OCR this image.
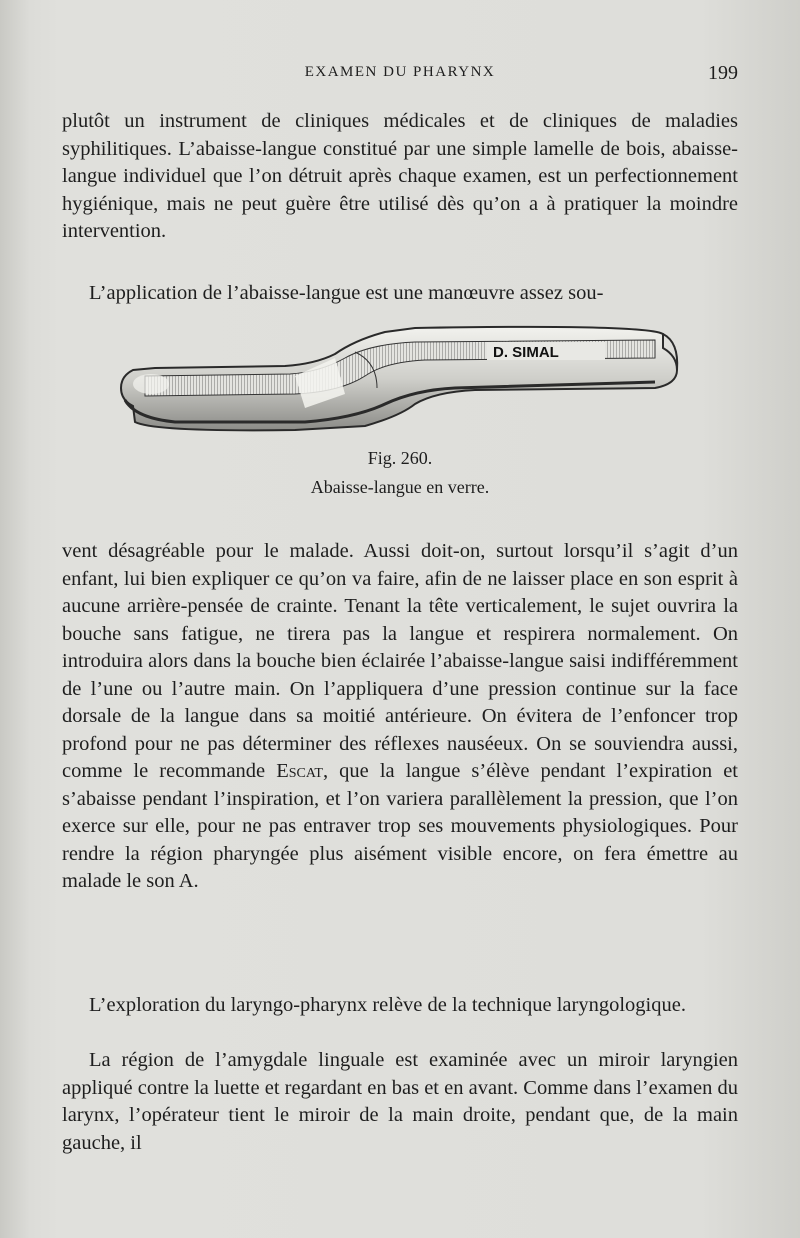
EXAMEN DU PHARYNX	199

plutôt un instrument de cliniques médicales et de cliniques de maladies syphilitiques. L’abaisse-langue constitué par une simple lamelle de bois, abaisse-langue individuel que l’on détruit après chaque examen, est un perfectionnement hygiénique, mais ne peut guère être utilisé dès qu’on a à pratiquer la moindre intervention.

L’application de l’abaisse-langue est une manœuvre assez sou-

D. SIMAL
Fig. 260.
Abaisse-langue en verre.

vent désagréable pour le malade. Aussi doit-on, surtout lorsqu’il s’agit d’un enfant, lui bien expliquer ce qu’on va faire, afin de ne laisser place en son esprit à aucune arrière-pensée de crainte. Tenant la tête verticalement, le sujet ouvrira la bouche sans fatigue, ne tirera pas la langue et respirera normalement. On introduira alors dans la bouche bien éclairée l’abaisse-langue saisi indifféremment de l’une ou l’autre main. On l’appliquera d’une pression continue sur la face dorsale de la langue dans sa moitié antérieure. On évitera de l’enfoncer trop profond pour ne pas déterminer des réflexes nauséeux. On se souviendra aussi, comme le recommande Escat, que la langue s’élève pendant l’expiration et s’abaisse pendant l’inspiration, et l’on variera parallèlement la pression, que l’on exerce sur elle, pour ne pas entraver trop ses mouvements physiologiques. Pour rendre la région pharyngée plus aisément visible encore, on fera émettre au malade le son A.

L’exploration du laryngo-pharynx relève de la technique laryngologique.

La région de l’amygdale linguale est examinée avec un miroir laryngien appliqué contre la luette et regardant en bas et en avant. Comme dans l’examen du larynx, l’opérateur tient le miroir de la main droite, pendant que, de la main gauche, il
